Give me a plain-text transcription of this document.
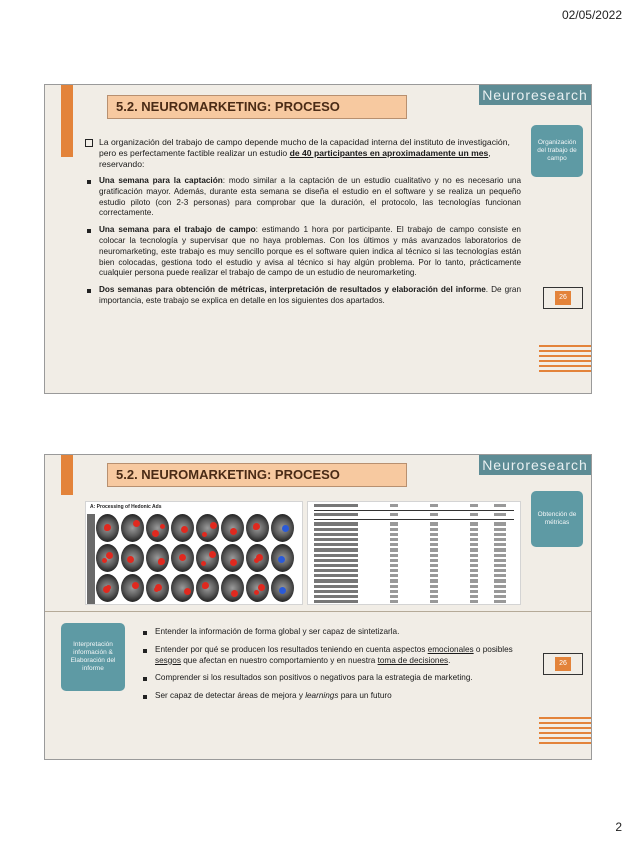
02/05/2022
5.2. NEUROMARKETING: PROCESO
Neuroresearch
Organización del trabajo de campo
26
La organización del trabajo de campo depende mucho de la capacidad interna del instituto de investigación, pero es perfectamente factible realizar un estudio de 40 participantes en aproximadamente un mes, reservando:
Una semana para la captación: modo similar a la captación de un estudio cualitativo y no es necesario una gratificación mayor. Además, durante esta semana se diseña el estudio en el software y se realiza un pequeño estudio piloto (con 2-3 personas) para comprobar que la duración, el protocolo, las tecnologías funcionan correctamente.
Una semana para el trabajo de campo: estimando 1 hora por participante. El trabajo de campo consiste en colocar la tecnología y supervisar que no haya problemas. Con los últimos y más avanzados laboratorios de neuromarketing, este trabajo es muy sencillo porque es el software quien indica al técnico si las tecnologías están bien colocadas, gestiona todo el estudio y avisa al técnico si hay algún problema. Por lo tanto, prácticamente cualquier persona puede realizar el trabajo de campo de un estudio de neuromarketing.
Dos semanas para obtención de métricas, interpretación de resultados y elaboración del informe. De gran importancia, este trabajo se explica en detalle en los siguientes dos apartados.
5.2. NEUROMARKETING: PROCESO
Neuroresearch
Obtención de métricas
Interpretación información & Elaboración del informe
26
A: Processing of Hedonic Ads
Entender la información de forma global y ser capaz de sintetizarla.
Entender por qué se producen los resultados teniendo en cuenta aspectos emocionales o posibles sesgos que afectan en nuestro comportamiento y en nuestra toma de decisiones.
Comprender si los resultados son positivos o negativos para la estrategia de marketing.
Ser capaz de detectar áreas de mejora y learnings para un futuro
2
